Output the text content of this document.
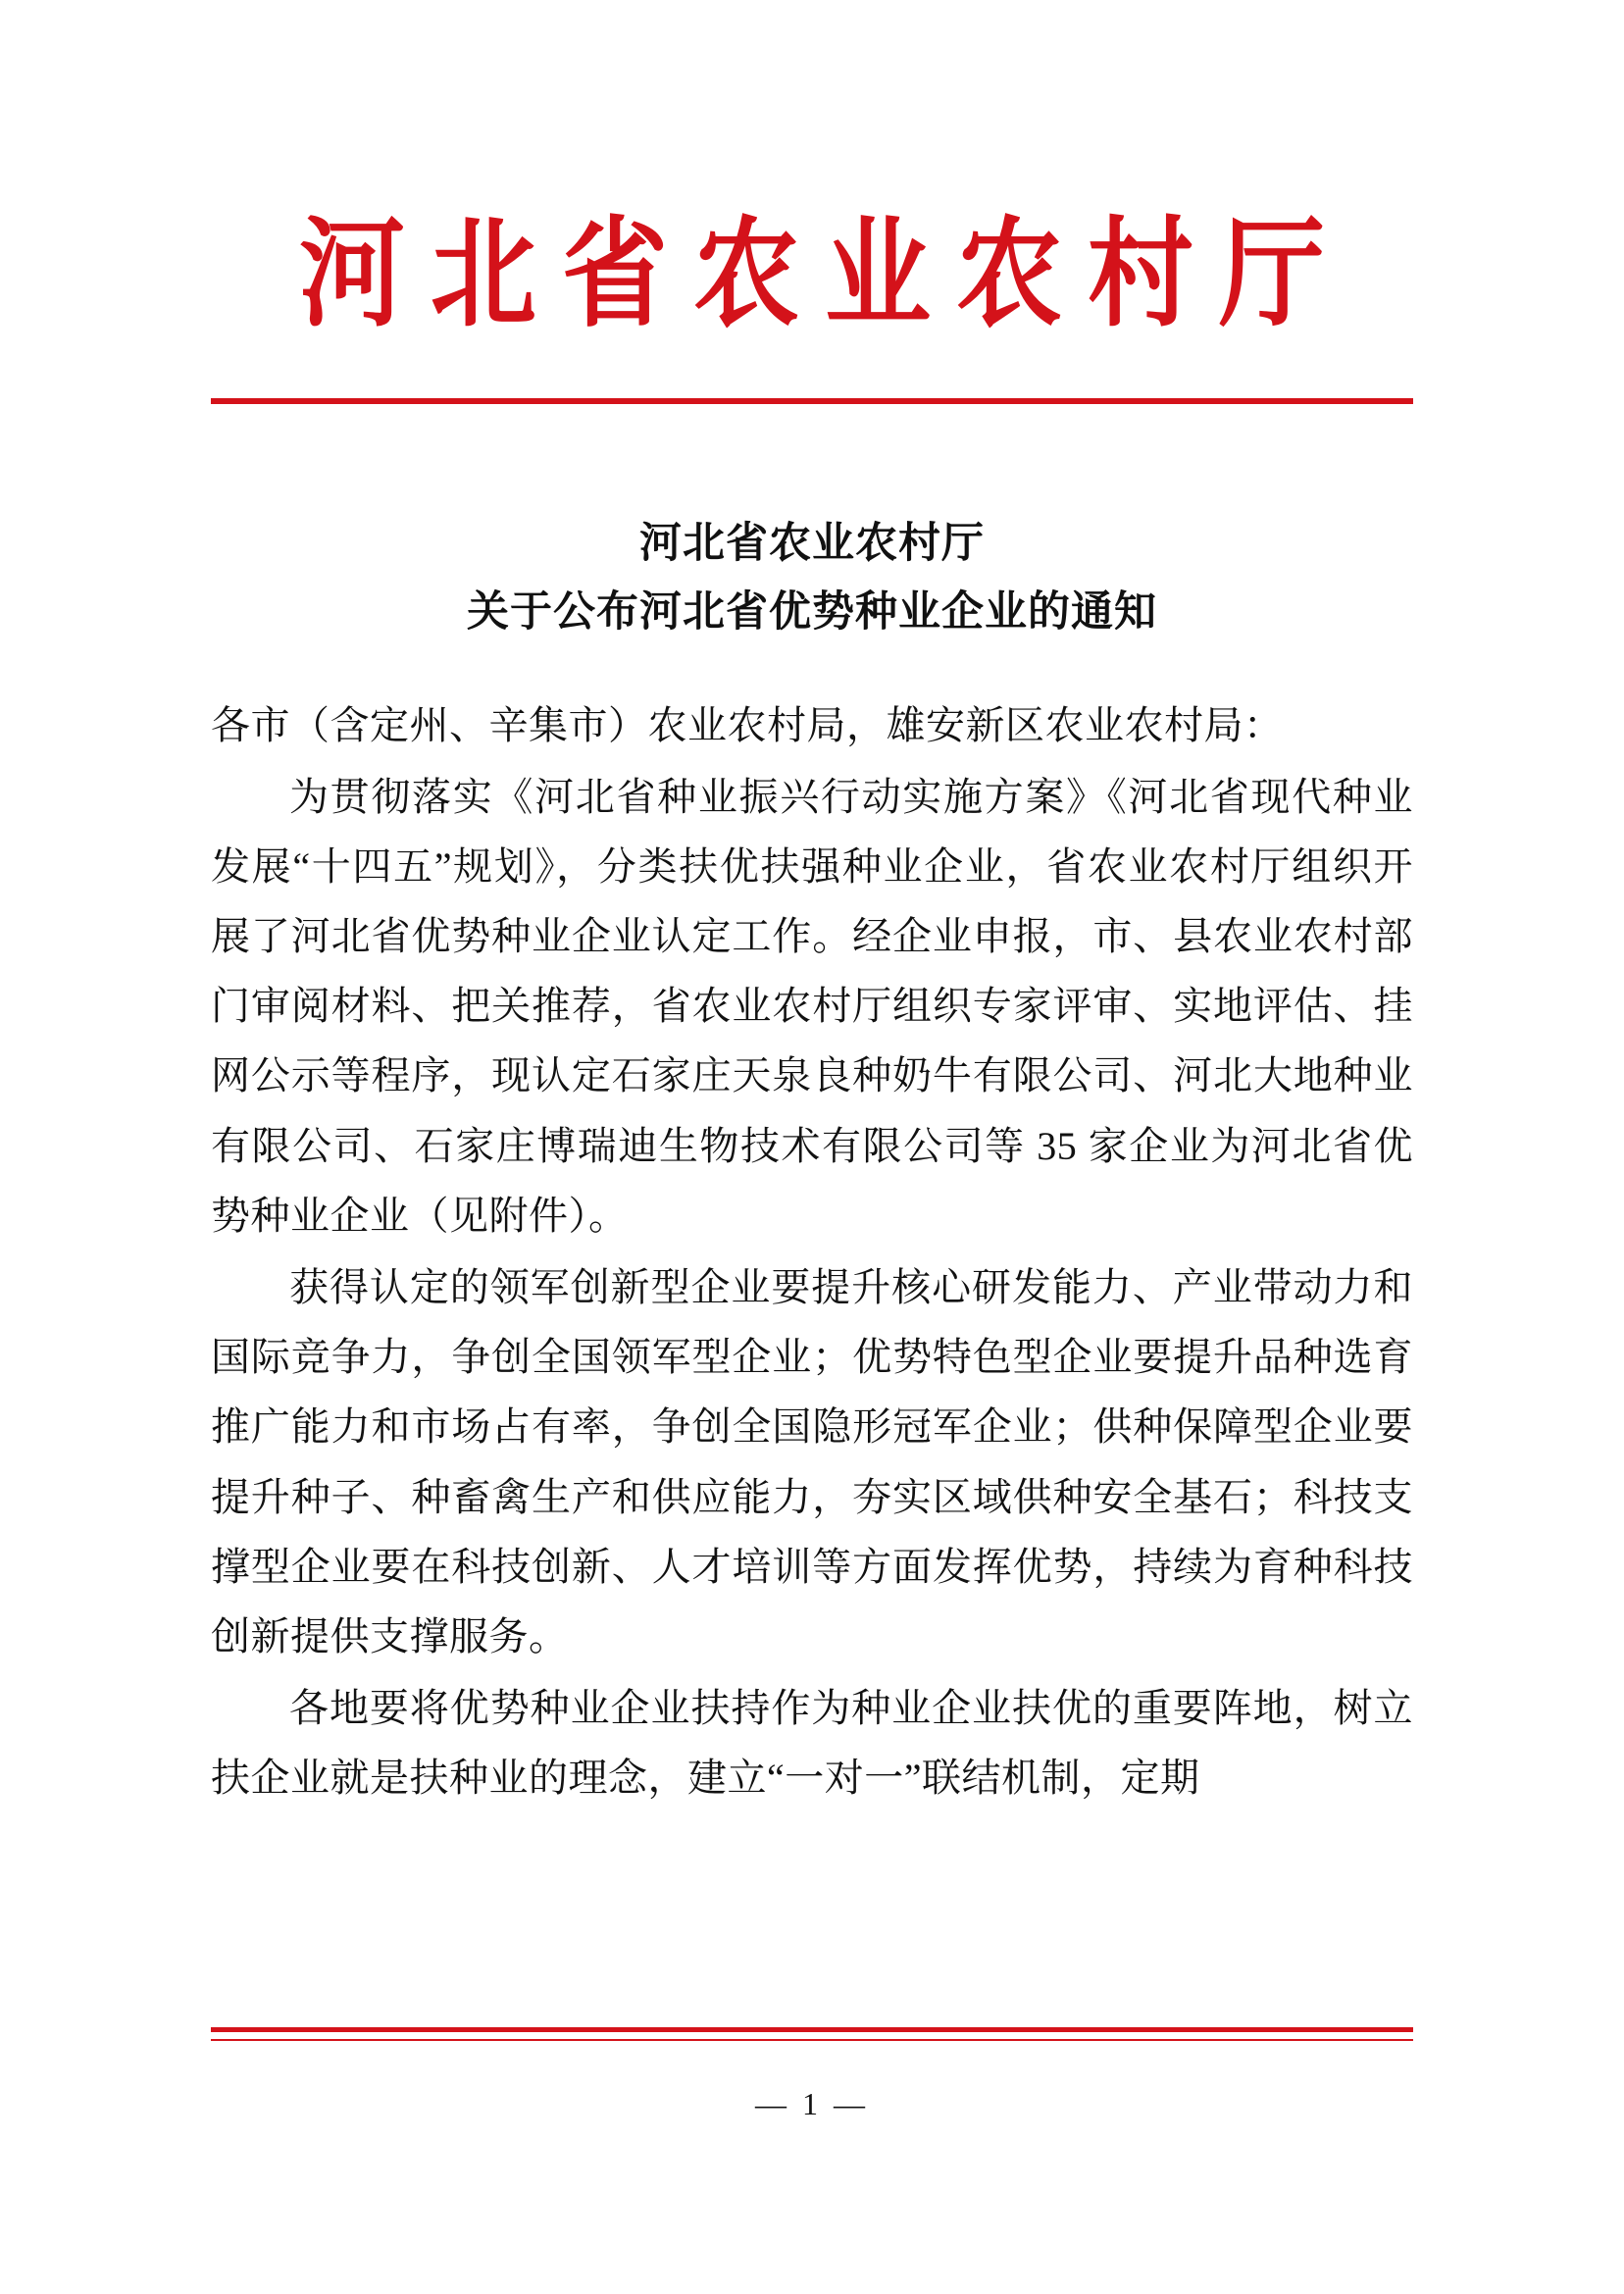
河北省农业农村厅
河北省农业农村厅
关于公布河北省优势种业企业的通知

各市（含定州、辛集市）农业农村局，雄安新区农业农村局：

为贯彻落实《河北省种业振兴行动实施方案》《河北省现代种业发展“十四五”规划》，分类扶优扶强种业企业，省农业农村厅组织开展了河北省优势种业企业认定工作。经企业申报，市、县农业农村部门审阅材料、把关推荐，省农业农村厅组织专家评审、实地评估、挂网公示等程序，现认定石家庄天泉良种奶牛有限公司、河北大地种业有限公司、石家庄博瑞迪生物技术有限公司等 35 家企业为河北省优势种业企业（见附件）。

获得认定的领军创新型企业要提升核心研发能力、产业带动力和国际竞争力，争创全国领军型企业；优势特色型企业要提升品种选育推广能力和市场占有率，争创全国隐形冠军企业；供种保障型企业要提升种子、种畜禽生产和供应能力，夯实区域供种安全基石；科技支撑型企业要在科技创新、人才培训等方面发挥优势，持续为育种科技创新提供支撑服务。

各地要将优势种业企业扶持作为种业企业扶优的重要阵地，树立扶企业就是扶种业的理念，建立“一对一”联结机制，定期

— 1 —
